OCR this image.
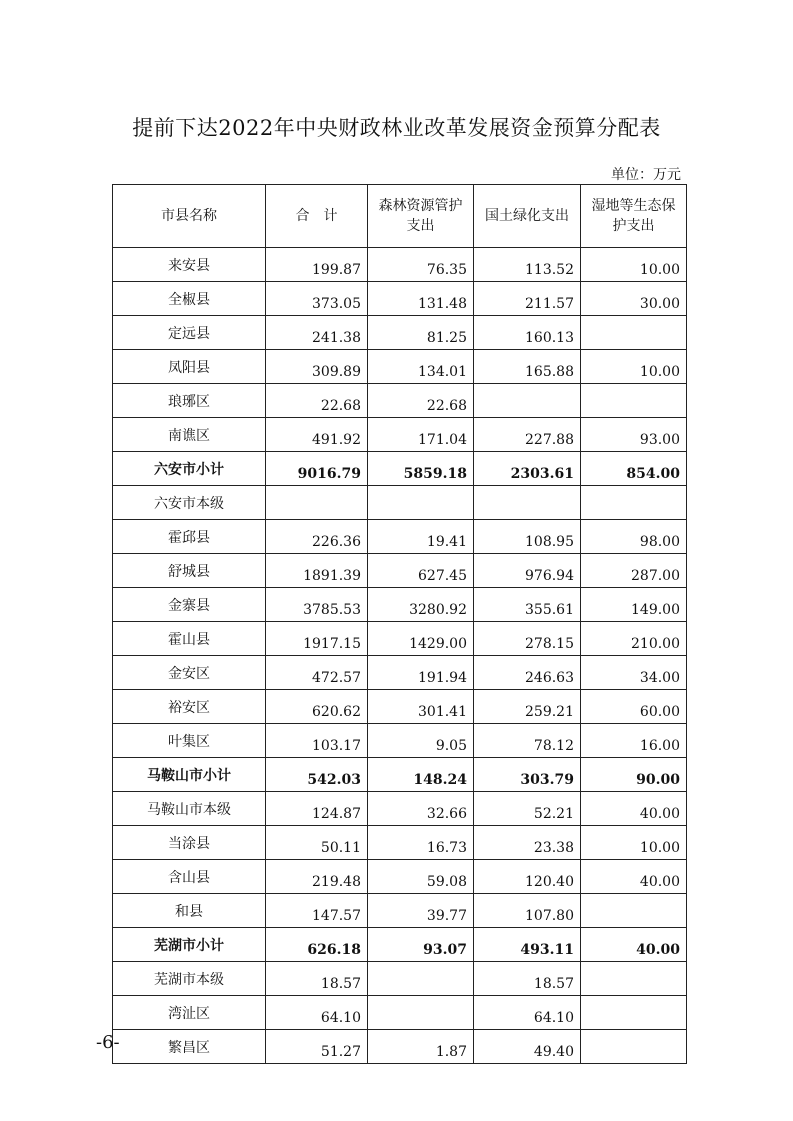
提前下达2022年中央财政林业改革发展资金预算分配表
单位：万元
市县名称	合　计	森林资源管护支出	国土绿化支出	湿地等生态保护支出
来安县	199.87	76.35	113.52	10.00
全椒县	373.05	131.48	211.57	30.00
定远县	241.38	81.25	160.13	
凤阳县	309.89	134.01	165.88	10.00
琅琊区	22.68	22.68		
南谯区	491.92	171.04	227.88	93.00
六安市小计	9016.79	5859.18	2303.61	854.00
六安市本级				
霍邱县	226.36	19.41	108.95	98.00
舒城县	1891.39	627.45	976.94	287.00
金寨县	3785.53	3280.92	355.61	149.00
霍山县	1917.15	1429.00	278.15	210.00
金安区	472.57	191.94	246.63	34.00
裕安区	620.62	301.41	259.21	60.00
叶集区	103.17	9.05	78.12	16.00
马鞍山市小计	542.03	148.24	303.79	90.00
马鞍山市本级	124.87	32.66	52.21	40.00
当涂县	50.11	16.73	23.38	10.00
含山县	219.48	59.08	120.40	40.00
和县	147.57	39.77	107.80	
芜湖市小计	626.18	93.07	493.11	40.00
芜湖市本级	18.57		18.57	
湾沚区	64.10		64.10	
繁昌区	51.27	1.87	49.40	
-6-
